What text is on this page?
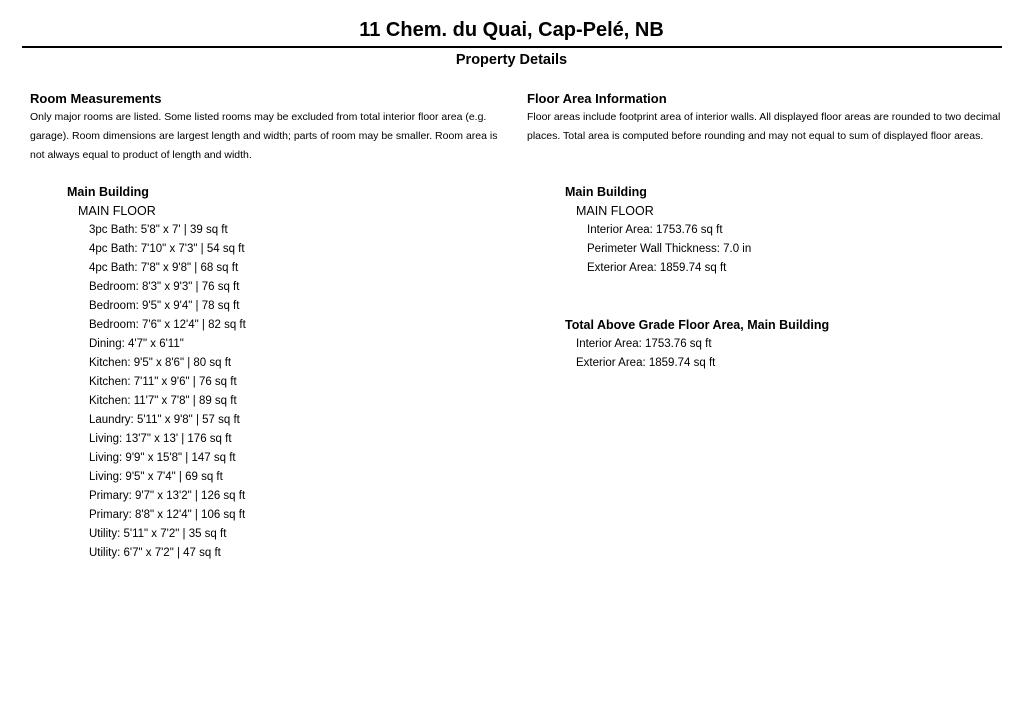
11 Chem. du Quai, Cap-Pelé, NB
Property Details
Room Measurements
Only major rooms are listed. Some listed rooms may be excluded from total interior floor area (e.g. garage). Room dimensions are largest length and width; parts of room may be smaller. Room area is not always equal to product of length and width.
Main Building
MAIN FLOOR
3pc Bath: 5'8" x 7' | 39 sq ft
4pc Bath: 7'10" x 7'3" | 54 sq ft
4pc Bath: 7'8" x 9'8" | 68 sq ft
Bedroom: 8'3" x 9'3" | 76 sq ft
Bedroom: 9'5" x 9'4" | 78 sq ft
Bedroom: 7'6" x 12'4" | 82 sq ft
Dining: 4'7" x 6'11"
Kitchen: 9'5" x 8'6" | 80 sq ft
Kitchen: 7'11" x 9'6" | 76 sq ft
Kitchen: 11'7" x 7'8" | 89 sq ft
Laundry: 5'11" x 9'8" | 57 sq ft
Living: 13'7" x 13' | 176 sq ft
Living: 9'9" x 15'8" | 147 sq ft
Living: 9'5" x 7'4" | 69 sq ft
Primary: 9'7" x 13'2" | 126 sq ft
Primary: 8'8" x 12'4" | 106 sq ft
Utility: 5'11" x 7'2" | 35 sq ft
Utility: 6'7" x 7'2" | 47 sq ft
Floor Area Information
Floor areas include footprint area of interior walls. All displayed floor areas are rounded to two decimal places. Total area is computed before rounding and may not equal to sum of displayed floor areas.
Main Building
MAIN FLOOR
Interior Area: 1753.76 sq ft
Perimeter Wall Thickness: 7.0 in
Exterior Area: 1859.74 sq ft
Total Above Grade Floor Area, Main Building
Interior Area: 1753.76 sq ft
Exterior Area: 1859.74 sq ft
